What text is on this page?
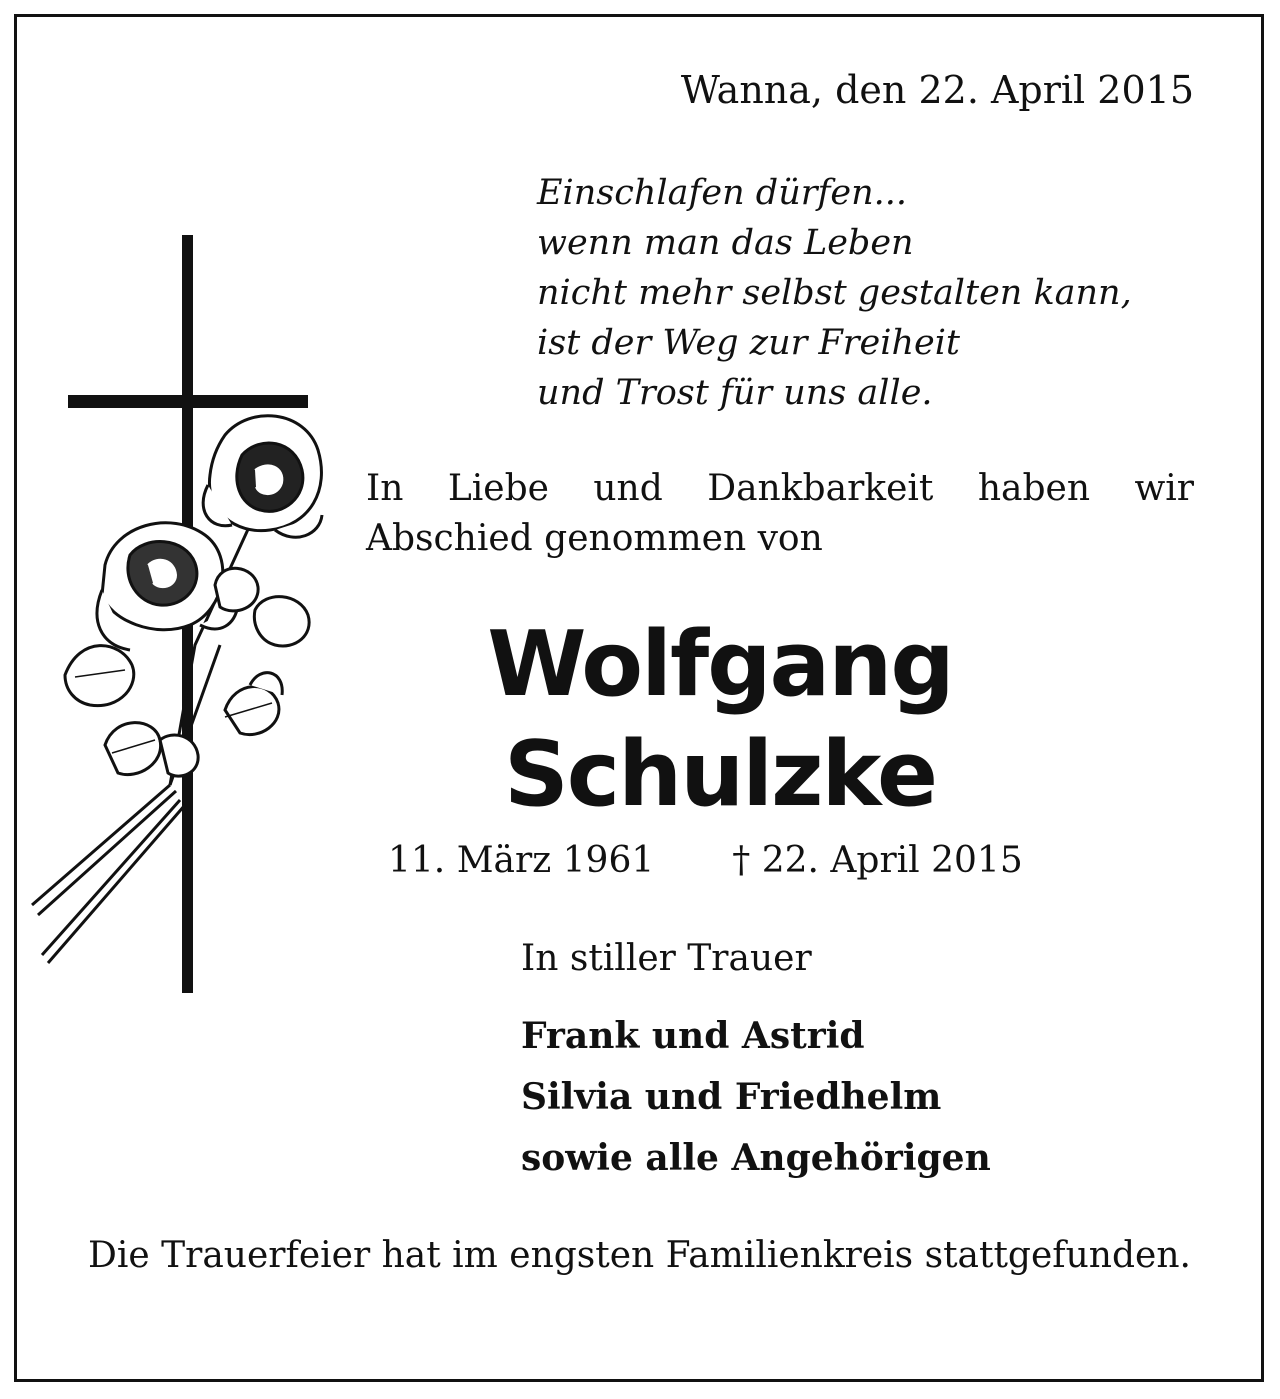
Wanna, den 22. April 2015

Einschlafen dürfen...
wenn man das Leben
nicht mehr selbst gestalten kann,
ist der Weg zur Freiheit
und Trost für uns alle.

In Liebe und Dankbarkeit haben wir Abschied genommen von

Wolfgang

Schulzke

11. März 1961 † 22. April 2015

In stiller Trauer

Frank und Astrid
Silvia und Friedhelm
sowie alle Angehörigen

Die Trauerfeier hat im engsten Familienkreis stattgefunden.
